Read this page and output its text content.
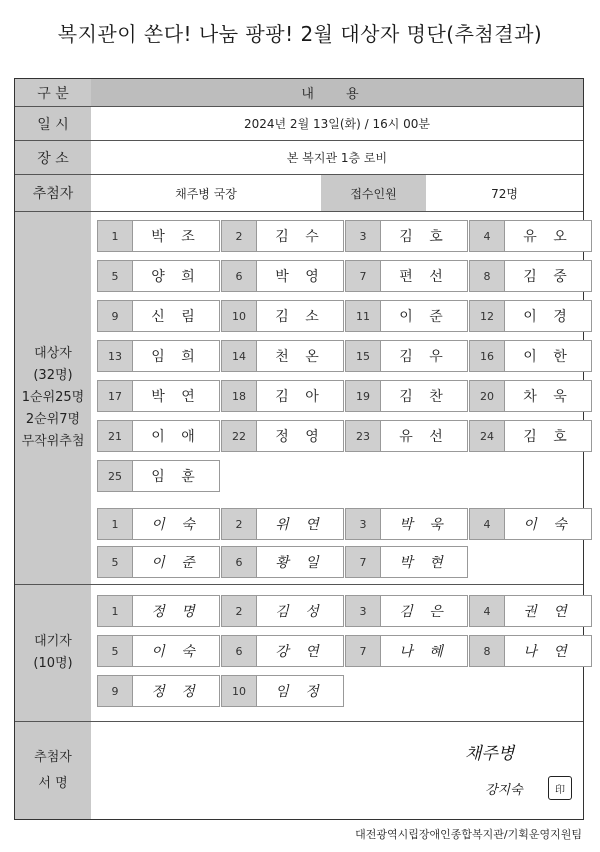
복지관이 쏜다! 나눔 팡팡! 2월 대상자 명단(추첨결과)
구 분	내 용
일 시	2024년 2월 13일(화) / 16시 00분
장 소	본 복지관 1층 로비
추첨자	채주병 국장	접수인원	72명
대상자
(32명)
1순위25명
2순위7명
무작위추첨
1	박 조	2	김 수	3	김 호	4	유 오
5	양 희	6	박 영	7	편 선	8	김 중
9	신 림	10	김 소	11	이 준	12	이 경
13	임 희	14	천 온	15	김 우	16	이 한
17	박 연	18	김 아	19	김 찬	20	차 욱
21	이 애	22	정 영	23	유 선	24	김 호
25	임 훈
1	이 숙	2	위 연	3	박 욱	4	이 숙
5	이 준	6	황 일	7	박 현
대기자
(10명)
1	정 명	2	김 성	3	김 은	4	권 연
5	이 숙	6	강 연	7	나 혜	8	나 연
9	정 정	10	임 정
추첨자
서 명
채주병
강지숙	印
대전광역시립장애인종합복지관/기획운영지원팀
